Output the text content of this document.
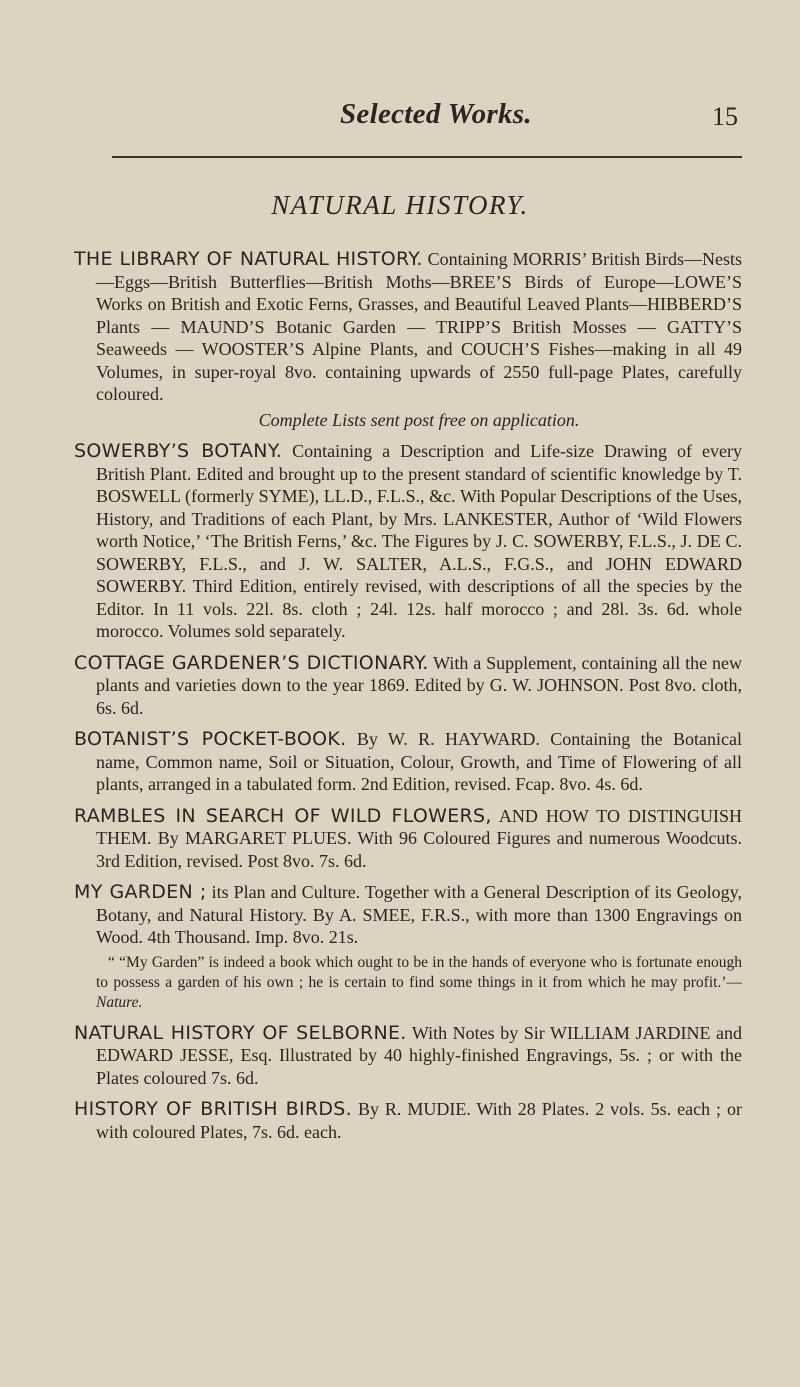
Selected Works.	15
NATURAL HISTORY.

THE LIBRARY OF NATURAL HISTORY. Containing MORRIS’ British Birds—Nests—Eggs—British Butterflies—British Moths—BREE’S Birds of Europe—LOWE’S Works on British and Exotic Ferns, Grasses, and Beautiful Leaved Plants—HIBBERD’S Plants — MAUND’S Botanic Garden — TRIPP’S British Mosses — GATTY’S Seaweeds — WOOSTER’S Alpine Plants, and COUCH’S Fishes—making in all 49 Volumes, in super-royal 8vo. containing upwards of 2550 full-page Plates, carefully coloured.
Complete Lists sent post free on application.

SOWERBY’S BOTANY. Containing a Description and Life-size Drawing of every British Plant. Edited and brought up to the present standard of scientific knowledge by T. BOSWELL (formerly SYME), LL.D., F.L.S., &c. With Popular Descriptions of the Uses, History, and Traditions of each Plant, by Mrs. LANKESTER, Author of ‘Wild Flowers worth Notice,’ ‘The British Ferns,’ &c. The Figures by J. C. SOWERBY, F.L.S., J. DE C. SOWERBY, F.L.S., and J. W. SALTER, A.L.S., F.G.S., and JOHN EDWARD SOWERBY. Third Edition, entirely revised, with descriptions of all the species by the Editor. In 11 vols. 22l. 8s. cloth ; 24l. 12s. half morocco ; and 28l. 3s. 6d. whole morocco. Volumes sold separately.

COTTAGE GARDENER’S DICTIONARY. With a Supplement, containing all the new plants and varieties down to the year 1869. Edited by G. W. JOHNSON. Post 8vo. cloth, 6s. 6d.

BOTANIST’S POCKET-BOOK. By W. R. HAYWARD. Containing the Botanical name, Common name, Soil or Situation, Colour, Growth, and Time of Flowering of all plants, arranged in a tabulated form. 2nd Edition, revised. Fcap. 8vo. 4s. 6d.

RAMBLES IN SEARCH OF WILD FLOWERS, AND HOW TO DISTINGUISH THEM. By MARGARET PLUES. With 96 Coloured Figures and numerous Woodcuts. 3rd Edition, revised. Post 8vo. 7s. 6d.

MY GARDEN ; its Plan and Culture. Together with a General Description of its Geology, Botany, and Natural History. By A. SMEE, F.R.S., with more than 1300 Engravings on Wood. 4th Thousand. Imp. 8vo. 21s.

“ “My Garden” is indeed a book which ought to be in the hands of everyone who is fortunate enough to possess a garden of his own ; he is certain to find some things in it from which he may profit.’—Nature.

NATURAL HISTORY OF SELBORNE. With Notes by Sir WILLIAM JARDINE and EDWARD JESSE, Esq. Illustrated by 40 highly-finished Engravings, 5s. ; or with the Plates coloured 7s. 6d.

HISTORY OF BRITISH BIRDS. By R. MUDIE. With 28 Plates. 2 vols. 5s. each ; or with coloured Plates, 7s. 6d. each.
